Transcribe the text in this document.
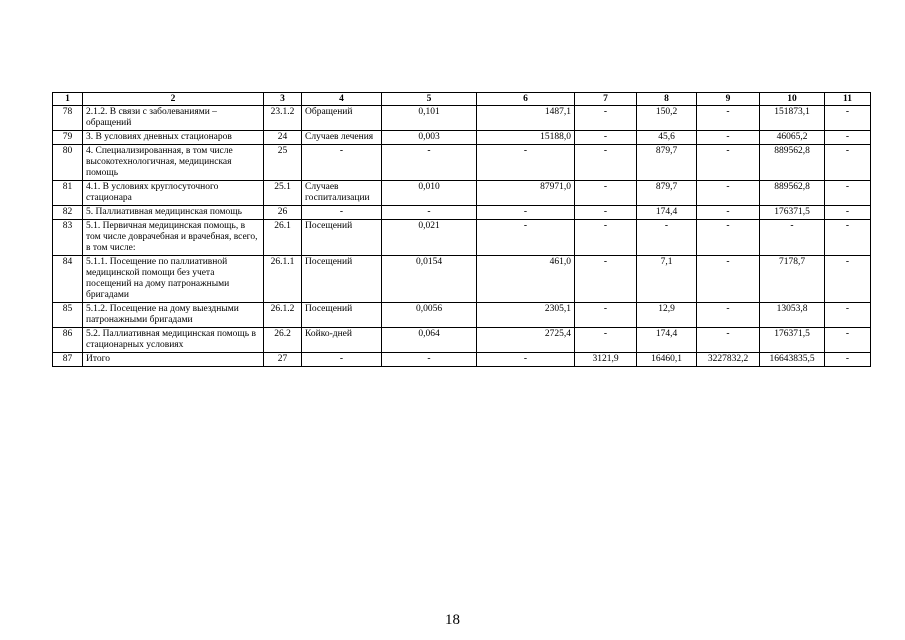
1	2	3	4	5	6	7	8	9	10	11
78	2.1.2. В связи с заболеваниями – обращений	23.1.2	Обращений	0,101	1487,1	-	150,2	-	151873,1	-
79	3. В условиях дневных стационаров	24	Случаев лечения	0,003	15188,0	-	45,6	-	46065,2	-
80	4. Специализированная, в том числе высокотехнологичная, медицинская помощь	25	-	-	-	-	879,7	-	889562,8	-
81	4.1. В условиях круглосуточного стационара	25.1	Случаев госпитализации	0,010	87971,0	-	879,7	-	889562,8	-
82	5. Паллиативная медицинская помощь	26	-	-	-	-	174,4	-	176371,5	-
83	5.1. Первичная медицинская помощь, в том числе доврачебная и врачебная, всего, в том числе:	26.1	Посещений	0,021	-	-	-	-	-	-
84	5.1.1. Посещение по паллиативной медицинской помощи без учета посещений на дому патронажными бригадами	26.1.1	Посещений	0,0154	461,0	-	7,1	-	7178,7	-
85	5.1.2. Посещение на дому выездными патронажными бригадами	26.1.2	Посещений	0,0056	2305,1	-	12,9	-	13053,8	-
86	5.2. Паллиативная медицинская помощь в стационарных условиях	26.2	Койко-дней	0,064	2725,4	-	174,4	-	176371,5	-
87	Итого	27	-	-	-	3121,9	16460,1	3227832,2	16643835,5	-
18
